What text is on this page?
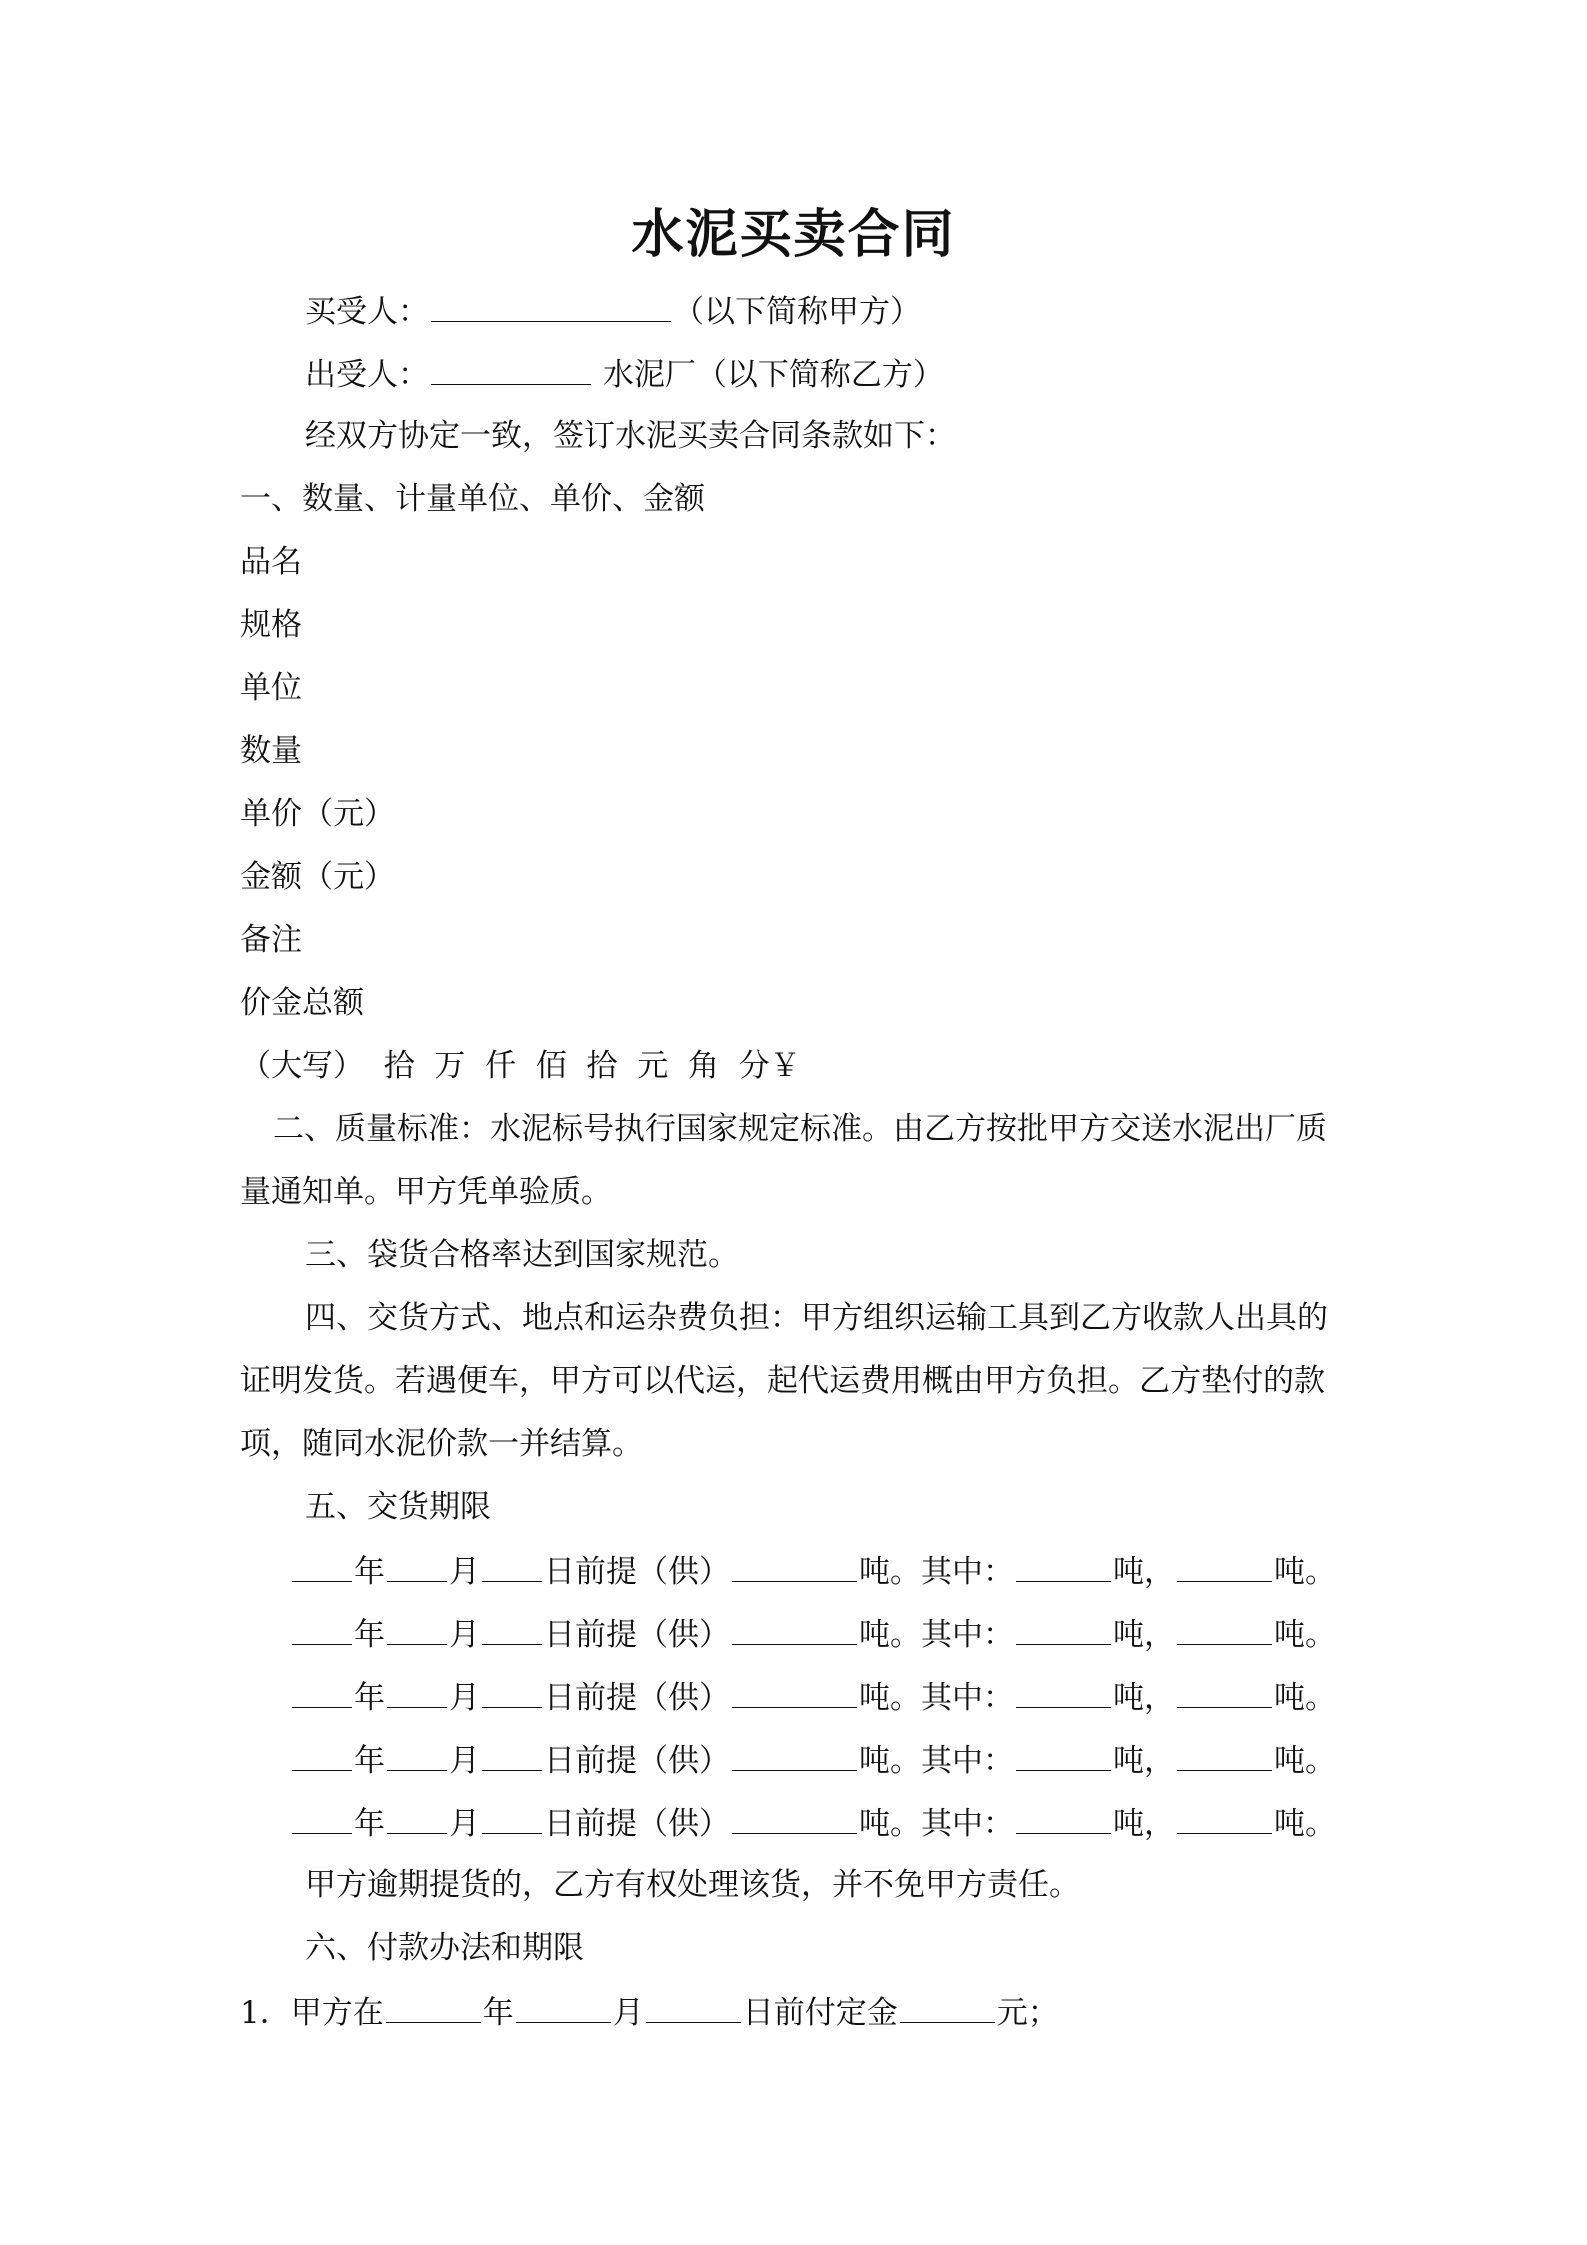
水泥买卖合同
买受人：	（以下简称甲方）
出受人：	水泥厂（以下简称乙方）
经双方协定一致，签订水泥买卖合同条款如下：
一、数量、计量单位、单价、金额
品名
规格
单位
数量
单价（元）
金额（元）
备注
价金总额
（大写）  拾  万  仟  佰  拾  元  角  分￥
二、质量标准：水泥标号执行国家规定标准。由乙方按批甲方交送水泥出厂质
量通知单。甲方凭单验质。
三、袋货合格率达到国家规范。
四、交货方式、地点和运杂费负担：甲方组织运输工具到乙方收款人出具的
证明发货。若遇便车，甲方可以代运，起代运费用概由甲方负担。乙方垫付的款
项，随同水泥价款一并结算。
五、交货期限
年 月 日前提（供）	吨。其中：	吨，	吨。
年 月 日前提（供）	吨。其中：	吨，	吨。
年 月 日前提（供）	吨。其中：	吨，	吨。
年 月 日前提（供）	吨。其中：	吨，	吨。
年 月 日前提（供）	吨。其中：	吨，	吨。
甲方逾期提货的，乙方有权处理该货，并不免甲方责任。
六、付款办法和期限
1．甲方在	年	月	日前付定金	元；
